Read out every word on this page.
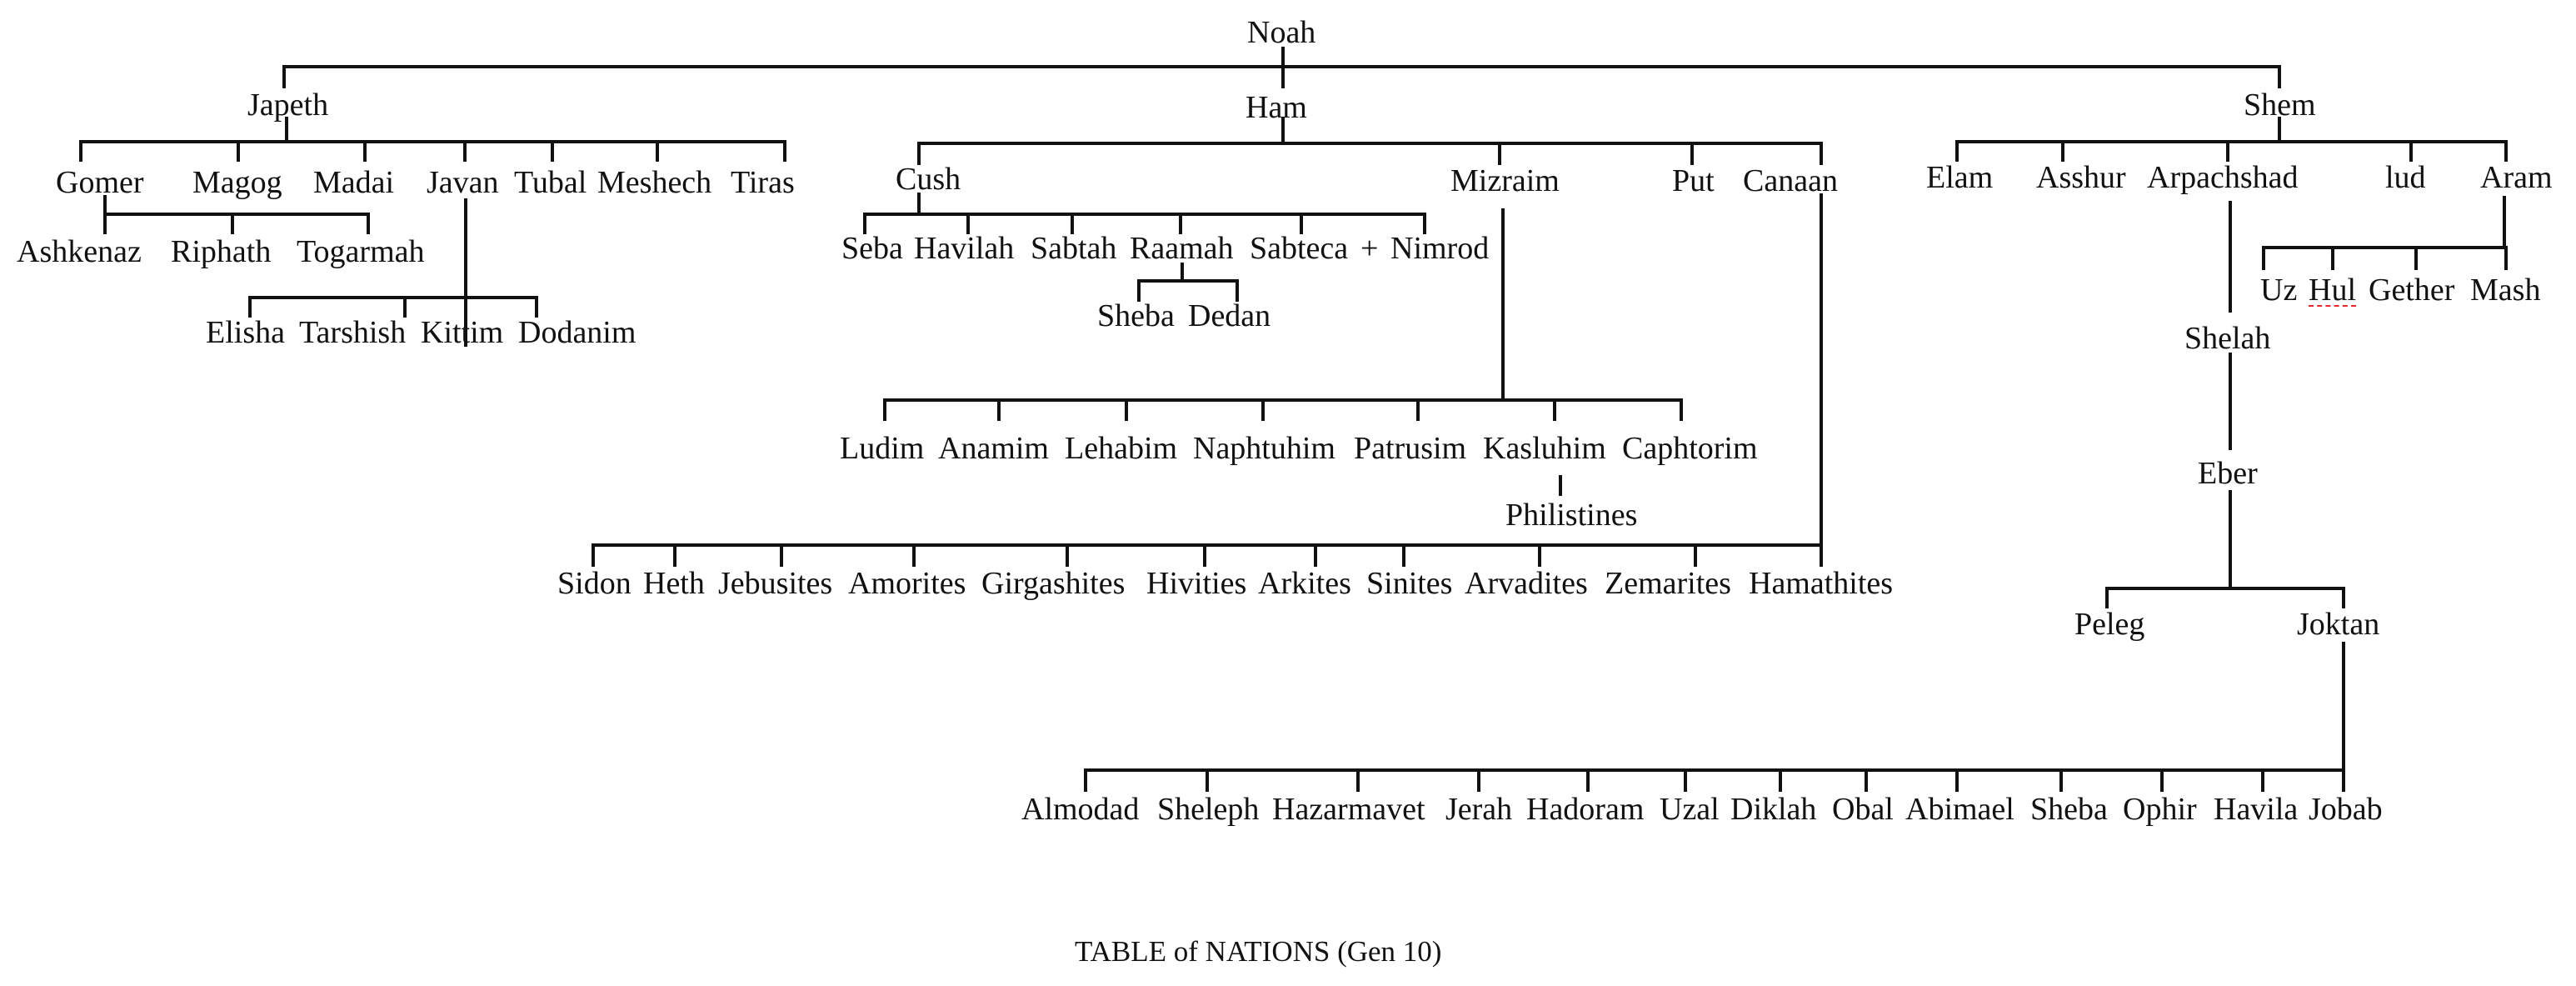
Noah
Japeth	Ham	Shem
Gomer Magog Madai Javan Tubal Meshech Tiras
Ashkenaz Riphath Togarmah
Elisha Tarshish Kittim Dodanim
Cush	Mizraim	Put Canaan
Seba Havilah Sabtah Raamah Sabteca + Nimrod
Sheba Dedan
Ludim Anamim Lehabim Naphtuhim Patrusim Kasluhim Caphtorim
Philistines
Sidon Heth Jebusites Amorites Girgashites Hivities Arkites Sinites Arvadites Zemarites Hamathites
Elam Asshur Arpachshad	lud Aram
Uz Hul Gether Mash
Shelah
Eber
Peleg	Joktan
Almodad Sheleph Hazarmavet Jerah Hadoram Uzal Diklah Obal Abimael Sheba Ophir Havila Jobab
TABLE of NATIONS (Gen 10)
